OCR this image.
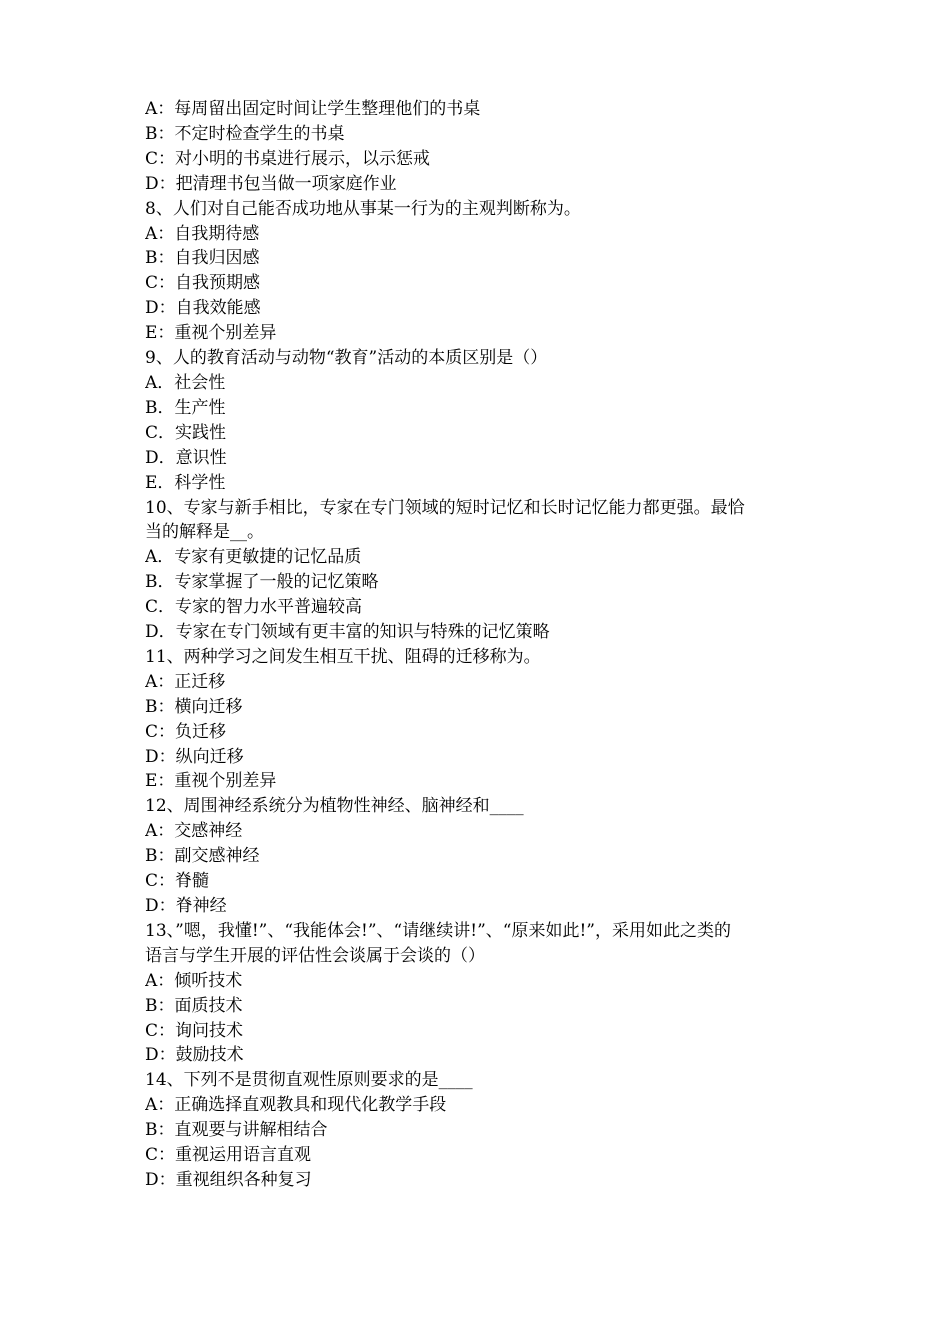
A：每周留出固定时间让学生整理他们的书桌
B：不定时检查学生的书桌
C：对小明的书桌进行展示，以示惩戒
D：把清理书包当做一项家庭作业
8、人们对自己能否成功地从事某一行为的主观判断称为。
A：自我期待感
B：自我归因感
C：自我预期感
D：自我效能感
E：重视个别差异
9、人的教育活动与动物“教育”活动的本质区别是（）
A．社会性
B．生产性
C．实践性
D．意识性
E．科学性
10、专家与新手相比，专家在专门领域的短时记忆和长时记忆能力都更强。最恰
当的解释是__。
A．专家有更敏捷的记忆品质
B．专家掌握了一般的记忆策略
C．专家的智力水平普遍较高
D．专家在专门领域有更丰富的知识与特殊的记忆策略
11、两种学习之间发生相互干扰、阻碍的迁移称为。
A：正迁移
B：横向迁移
C：负迁移
D：纵向迁移
E：重视个别差异
12、周围神经系统分为植物性神经、脑神经和____
A：交感神经
B：副交感神经
C：脊髓
D：脊神经
13、”嗯，我懂!”、“我能体会!”、“请继续讲!”、“原来如此!”，采用如此之类的
语言与学生开展的评估性会谈属于会谈的（）
A：倾听技术
B：面质技术
C：询问技术
D：鼓励技术
14、下列不是贯彻直观性原则要求的是____
A：正确选择直观教具和现代化教学手段
B：直观要与讲解相结合
C：重视运用语言直观
D：重视组织各种复习
